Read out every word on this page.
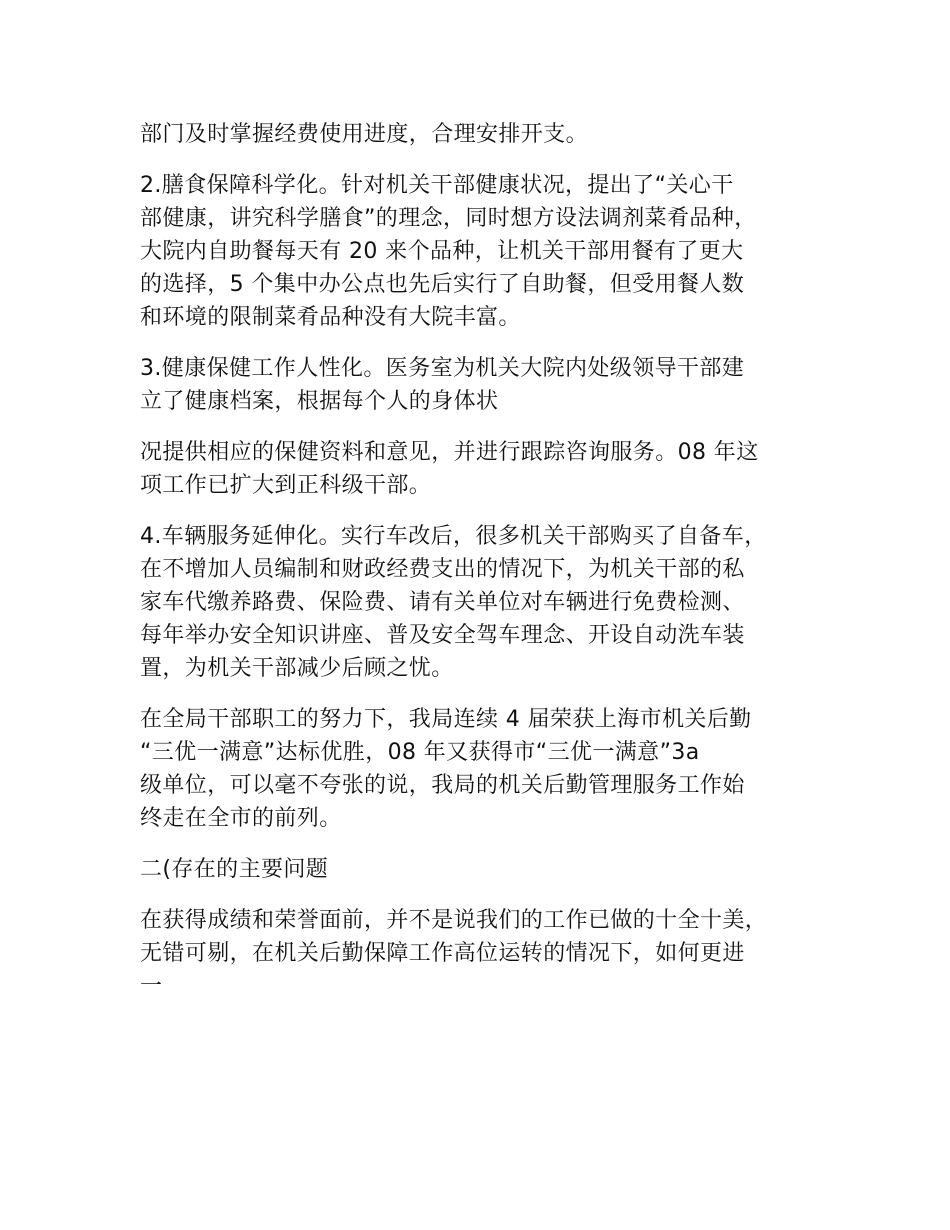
部门及时掌握经费使用进度，合理安排开支。

2.膳食保障科学化。针对机关干部健康状况，提出了“关心干
部健康，讲究科学膳食”的理念，同时想方设法调剂菜肴品种，
大院内自助餐每天有 20 来个品种，让机关干部用餐有了更大
的选择，5 个集中办公点也先后实行了自助餐，但受用餐人数
和环境的限制菜肴品种没有大院丰富。

3.健康保健工作人性化。医务室为机关大院内处级领导干部建
立了健康档案，根据每个人的身体状

况提供相应的保健资料和意见，并进行跟踪咨询服务。08 年这
项工作已扩大到正科级干部。

4.车辆服务延伸化。实行车改后，很多机关干部购买了自备车，
在不增加人员编制和财政经费支出的情况下，为机关干部的私
家车代缴养路费、保险费、请有关单位对车辆进行免费检测、
每年举办安全知识讲座、普及安全驾车理念、开设自动洗车装
置，为机关干部减少后顾之忧。

在全局干部职工的努力下，我局连续 4 届荣获上海市机关后勤
“三优一满意”达标优胜，08 年又获得市“三优一满意”3a
级单位，可以毫不夸张的说，我局的机关后勤管理服务工作始
终走在全市的前列。

二(存在的主要问题

在获得成绩和荣誉面前，并不是说我们的工作已做的十全十美，
无错可剔，在机关后勤保障工作高位运转的情况下，如何更进
一
